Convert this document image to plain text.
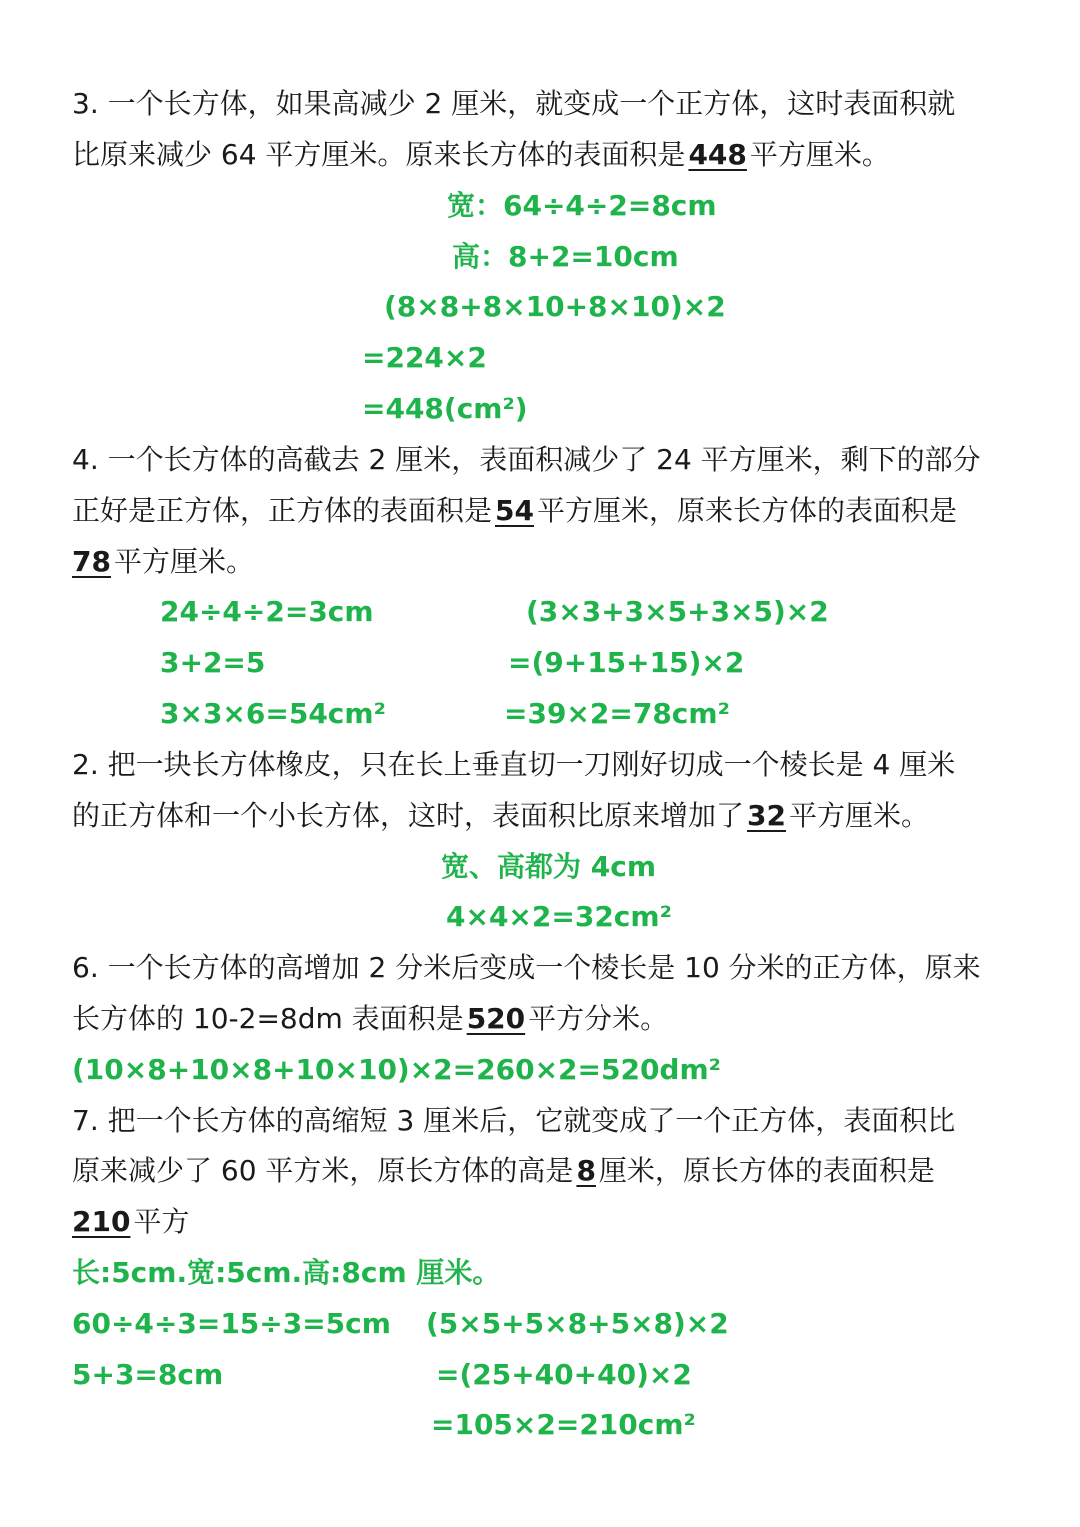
3. 一个长方体，如果高减少 2 厘米，就变成一个正方体，这时表面积就
比原来减少 64 平方厘米。原来长方体的表面积是 448 平方厘米。
宽：64÷4÷2=8cm
高：8+2=10cm
(8×8+8×10+8×10)×2
=224×2
=448(cm²)
4. 一个长方体的高截去 2 厘米，表面积减少了 24 平方厘米，剩下的部分
正好是正方体，正方体的表面积是 54 平方厘米，原来长方体的表面积是
78 平方厘米。
24÷4÷2=3cm
3+2=5
3×3×6=54cm²
(3×3+3×5+3×5)×2
=(9+15+15)×2
=39×2=78cm²
2. 把一块长方体橡皮，只在长上垂直切一刀刚好切成一个棱长是 4 厘米
的正方体和一个小长方体，这时，表面积比原来增加了 32 平方厘米。
宽、高都为 4cm
4×4×2=32cm²
6. 一个长方体的高增加 2 分米后变成一个棱长是 10 分米的正方体，原来
长方体的 10-2=8dm 表面积是 520 平方分米。
(10×8+10×8+10×10)×2=260×2=520dm²
7. 把一个长方体的高缩短 3 厘米后，它就变成了一个正方体，表面积比
原来减少了 60 平方米，原长方体的高是 8 厘米，原长方体的表面积是
210 平方
长:5cm.宽:5cm.高:8cm 厘米。
60÷4÷3=15÷3=5cm
5+3=8cm
(5×5+5×8+5×8)×2
=(25+40+40)×2
=105×2=210cm²
